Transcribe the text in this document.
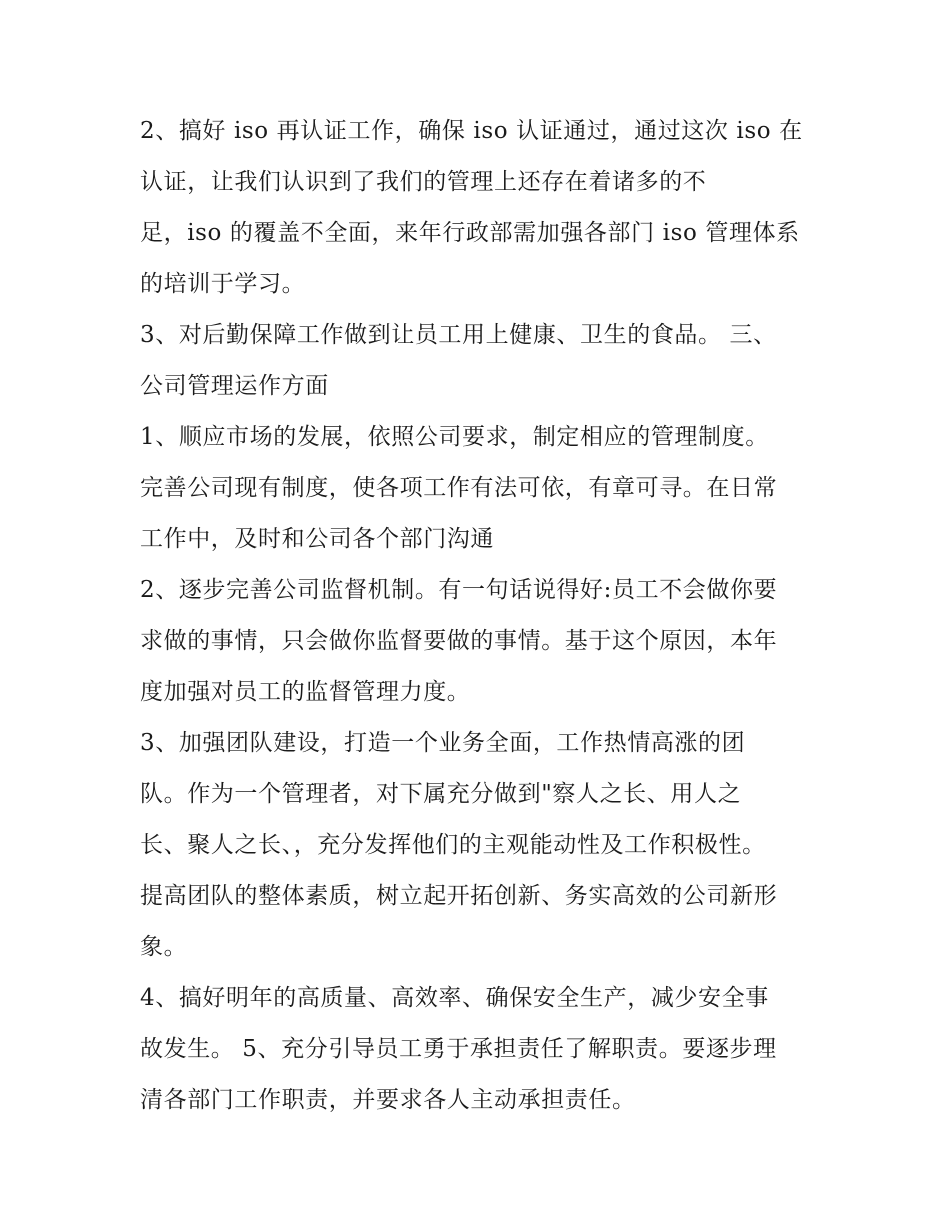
2、搞好 iso 再认证工作，确保 iso 认证通过，通过这次 iso 在
认证，让我们认识到了我们的管理上还存在着诸多的不
足，iso 的覆盖不全面，来年行政部需加强各部门 iso 管理体系
的培训于学习。
3、对后勤保障工作做到让员工用上健康、卫生的食品。 三、
公司管理运作方面
1、顺应市场的发展，依照公司要求，制定相应的管理制度。
完善公司现有制度，使各项工作有法可依，有章可寻。在日常
工作中，及时和公司各个部门沟通
2、逐步完善公司监督机制。有一句话说得好:员工不会做你要
求做的事情，只会做你监督要做的事情。基于这个原因，本年
度加强对员工的监督管理力度。
3、加强团队建设，打造一个业务全面，工作热情高涨的团
队。作为一个管理者，对下属充分做到"察人之长、用人之
长、聚人之长、，充分发挥他们的主观能动性及工作积极性。
提高团队的整体素质，树立起开拓创新、务实高效的公司新形
象。
4、搞好明年的高质量、高效率、确保安全生产，减少安全事
故发生。 5、充分引导员工勇于承担责任了解职责。要逐步理
清各部门工作职责，并要求各人主动承担责任。
